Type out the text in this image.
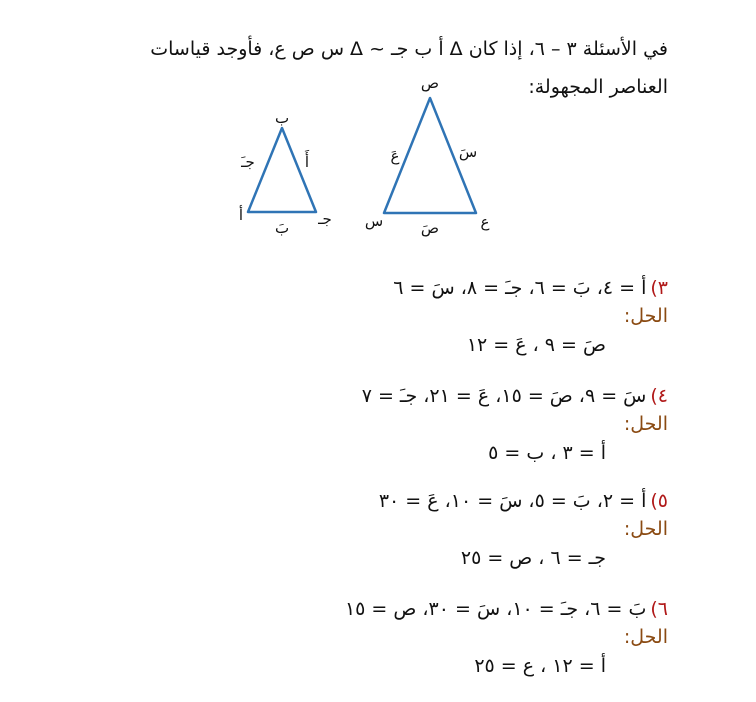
في الأسئلة ٣ – ٦، إذا كان Δ أ ب جـ ~ Δ س ص ع، فأوجد قياسات
العناصر المجهولة:
ب
أ	جـ
جـَ	أَ
بَ
ص
س	ع
عَ	سَ
صَ
٣)أ = ٤، بَ = ٦، جـَ = ٨، سَ = ٦
الحل:
صَ = ٩ ، عَ = ١٢
٤)سَ = ٩، صَ = ١٥، عَ = ٢١، جـَ = ٧
الحل:
أ = ٣ ، ب = ٥
٥)أ = ٢، بَ = ٥، سَ = ١٠، عَ = ٣٠
الحل:
جـ = ٦ ، ص = ٢٥
٦)بَ = ٦، جـَ = ١٠، سَ = ٣٠، ص = ١٥
الحل:
أ = ١٢ ، ع = ٢٥
